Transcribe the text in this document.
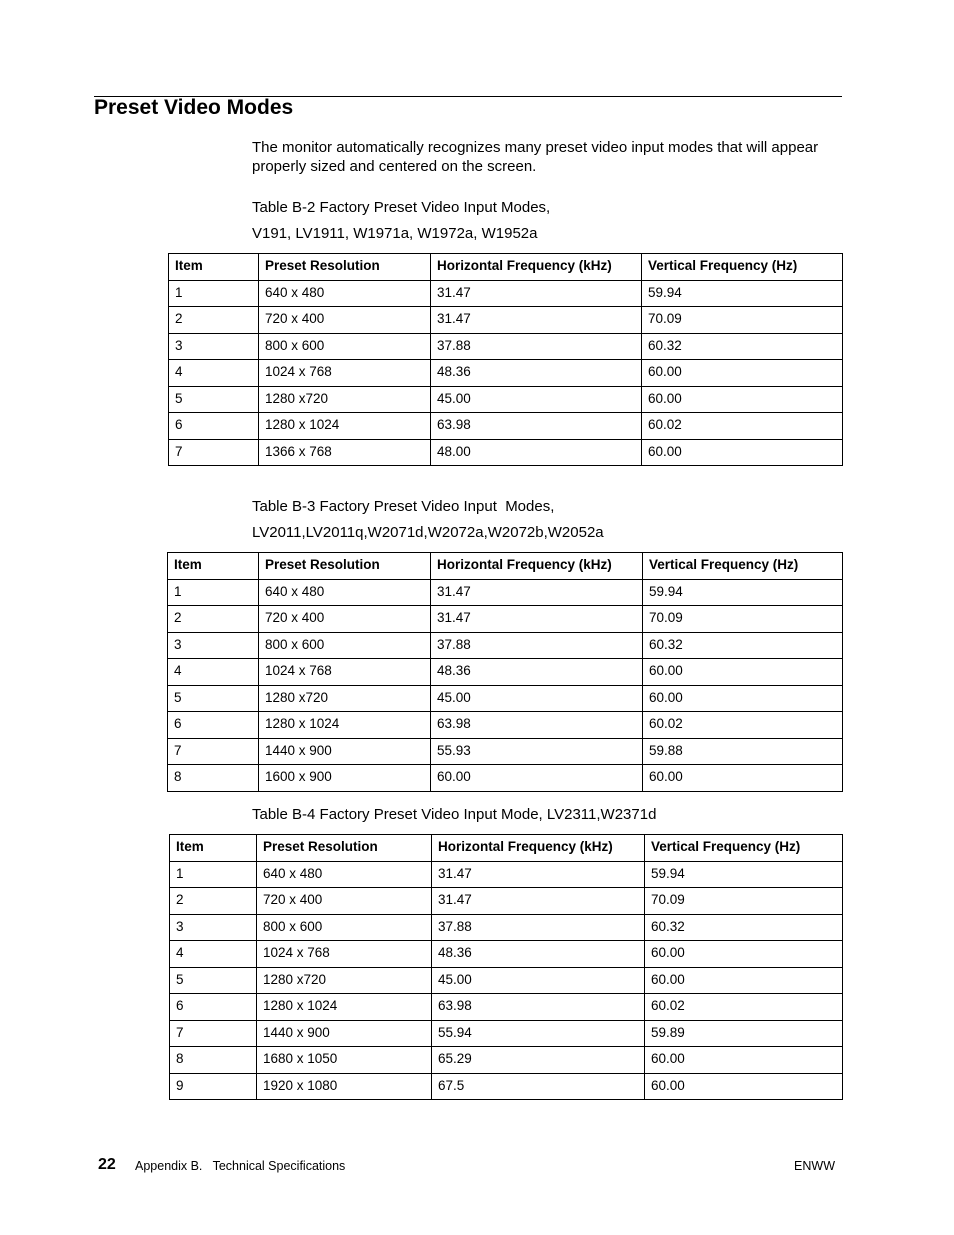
Preset Video Modes

The monitor automatically recognizes many preset video input modes that will appear properly sized and centered on the screen.

Table B-2 Factory Preset Video Input Modes,

V191, LV1911, W1971a, W1972a, W1952a

Item	Preset Resolution	Horizontal Frequency (kHz)	Vertical Frequency (Hz)
1	640 x 480	31.47	59.94
2	720 x 400	31.47	70.09
3	800 x 600	37.88	60.32
4	1024 x 768	48.36	60.00
5	1280 x720	45.00	60.00
6	1280 x 1024	63.98	60.02
7	1366 x 768	48.00	60.00

Table B-3 Factory Preset Video Input  Modes,

LV2011,LV2011q,W2071d,W2072a,W2072b,W2052a

Item	Preset Resolution	Horizontal Frequency (kHz)	Vertical Frequency (Hz)
1	640 x 480	31.47	59.94
2	720 x 400	31.47	70.09
3	800 x 600	37.88	60.32
4	1024 x 768	48.36	60.00
5	1280 x720	45.00	60.00
6	1280 x 1024	63.98	60.02
7	1440 x 900	55.93	59.88
8	1600 x 900	60.00	60.00

Table B-4 Factory Preset Video Input Mode, LV2311,W2371d

Item	Preset Resolution	Horizontal Frequency (kHz)	Vertical Frequency (Hz)
1	640 x 480	31.47	59.94
2	720 x 400	31.47	70.09
3	800 x 600	37.88	60.32
4	1024 x 768	48.36	60.00
5	1280 x720	45.00	60.00
6	1280 x 1024	63.98	60.02
7	1440 x 900	55.94	59.89
8	1680 x 1050	65.29	60.00
9	1920 x 1080	67.5	60.00
22 Appendix B.   Technical Specifications	ENWW
